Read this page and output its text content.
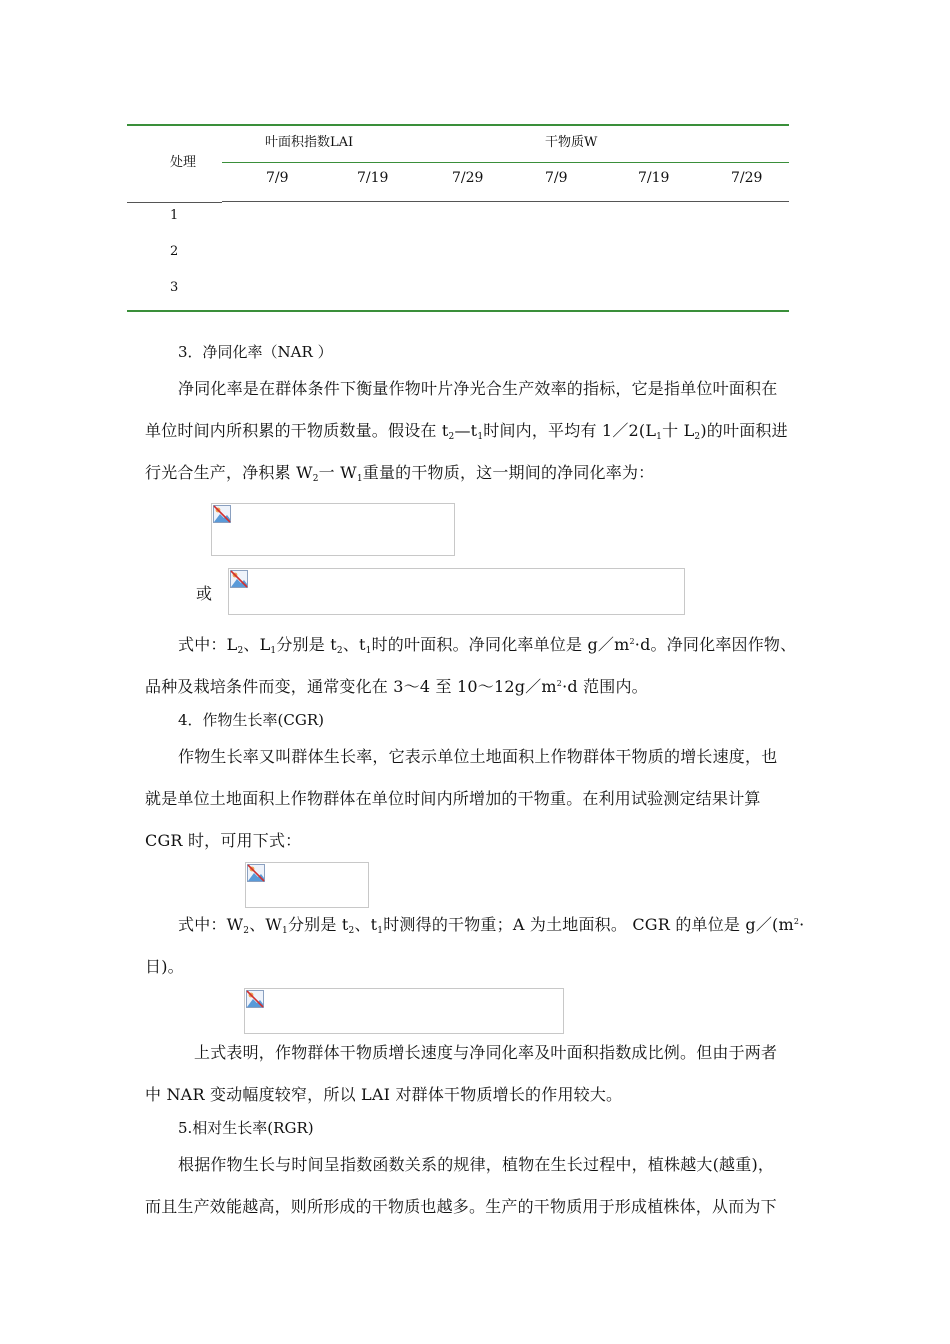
处理
叶面积指数LAI	干物质W
7/9	7/19	7/29	7/9	7/19	7/29
1
2
3
3．净同化率（NAR ）
净同化率是在群体条件下衡量作物叶片净光合生产效率的指标，它是指单位叶面积在
单位时间内所积累的干物质数量。假设在 $t_2—t_1$时间内，平均有 $1/2(L_1$十 $L_2$)的叶面积进
行光合生产，净积累 $W_2$一 $W_1$重量的干物质，这一期间的净同化率为：
或
式中：$L_2$、$L_1$分别是 $t_2$、$t_1$时的叶面积。净同化率单位是 $g/m^2\cdot d$。净同化率因作物、
品种及栽培条件而变，通常变化在 3～4 至 $10\sim 12g/m^2\cdot d$ 范围内。
4．作物生长率(CGR)
作物生长率又叫群体生长率，它表示单位土地面积上作物群体干物质的增长速度，也
就是单位土地面积上作物群体在单位时间内所增加的干物重。在利用试验测定结果计算
CGR 时，可用下式：
式中：$W_2$、$W_1$分别是 $t_2$、$t_1$时测得的干物重；A 为土地面积。 CGR 的单位是 $g/(m^2\cdot$
日)。
上式表明，作物群体干物质增长速度与净同化率及叶面积指数成比例。但由于两者
中 NAR 变动幅度较窄，所以 LAI 对群体干物质增长的作用较大。
5.相对生长率(RGR)
根据作物生长与时间呈指数函数关系的规律，植物在生长过程中，植株越大(越重)，
而且生产效能越高，则所形成的干物质也越多。生产的干物质用于形成植株体，从而为下
